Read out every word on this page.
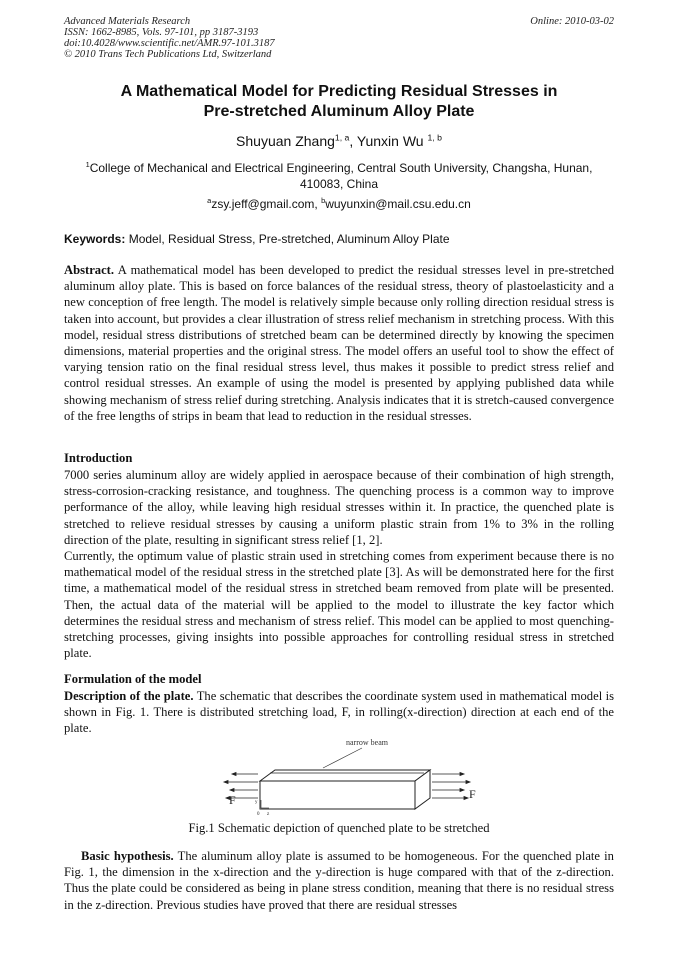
Advanced Materials Research
ISSN: 1662-8985, Vols. 97-101, pp 3187-3193
doi:10.4028/www.scientific.net/AMR.97-101.3187
© 2010 Trans Tech Publications Ltd, Switzerland
Online: 2010-03-02
A Mathematical Model for Predicting Residual Stresses in
Pre-stretched Aluminum Alloy Plate
Shuyuan Zhang$^{1, a}$, Yunxin Wu $^{1, b}$
$^1$College of Mechanical and Electrical Engineering, Central South University, Changsha, Hunan, 410083, China
$^a$zsy.jeff@gmail.com, $^b$wuyunxin@mail.csu.edu.cn
Keywords: Model, Residual Stress, Pre-stretched, Aluminum Alloy Plate
Abstract. A mathematical model has been developed to predict the residual stresses level in pre-stretched aluminum alloy plate. This is based on force balances of the residual stress, theory of plastoelasticity and a new conception of free length. The model is relatively simple because only rolling direction residual stress is taken into account, but provides a clear illustration of stress relief mechanism in stretching process. With this model, residual stress distributions of stretched beam can be determined directly by knowing the specimen dimensions, material properties and the original stress. The model offers an useful tool to show the effect of varying tension ratio on the final residual stress level, thus makes it possible to predict stress relief and control residual stresses. An example of using the model is presented by applying published data while showing mechanism of stress relief during stretching. Analysis indicates that it is stretch-caused convergence of the free lengths of strips in beam that lead to reduction in the residual stresses.
Introduction

7000 series aluminum alloy are widely applied in aerospace because of their combination of high strength, stress-corrosion-cracking resistance, and toughness. The quenching process is a common way to improve performance of the alloy, while leaving high residual stresses within it. In practice, the quenched plate is stretched to relieve residual stresses by causing a uniform plastic strain from 1% to 3% in the rolling direction of the plate, resulting in significant stress relief [1, 2].

Currently, the optimum value of plastic strain used in stretching comes from experiment because there is no mathematical model of the residual stress in the stretched plate [3]. As will be demonstrated here for the first time, a mathematical model of the residual stress in stretched beam removed from plate will be presented. Then, the actual data of the material will be applied to the model to illustrate the key factor which determines the residual stress and mechanism of stress relief. This model can be applied to most quenching-stretching processes, giving insights into possible approaches for controlling residual stress in stretched plate.

Formulation of the model
Description of the plate. The schematic that describes the coordinate system used in mathematical model is shown in Fig. 1. There is distributed stretching load, F, in rolling(x-direction) direction at each end of the plate.
narrow beam
F	F
y
0 z
Fig.1 Schematic depiction of quenched plate to be stretched
Basic hypothesis. The aluminum alloy plate is assumed to be homogeneous. For the quenched plate in Fig. 1, the dimension in the x-direction and the y-direction is huge compared with that of the z-direction. Thus the plate could be considered as being in plane stress condition, meaning that there is no residual stress in the z-direction. Previous studies have proved that there are residual stresses
